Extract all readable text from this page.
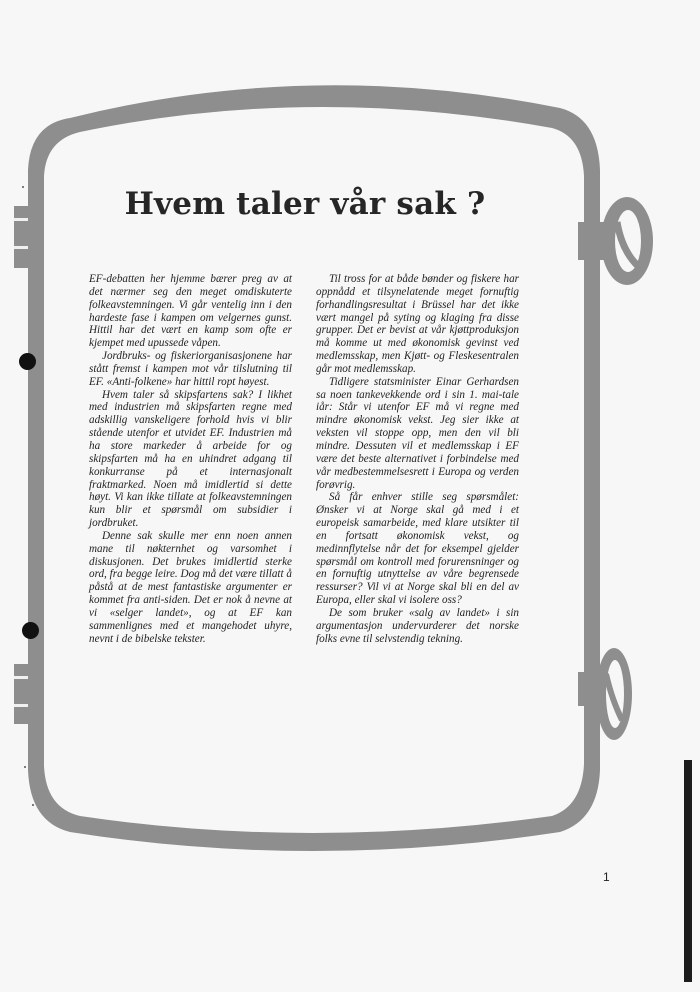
Hvem taler vår sak ?

EF-debatten her hjemme bærer preg av at det nærmer seg den meget omdiskuterte folkeavstemningen. Vi går ventelig inn i den hardeste fase i kampen om velgernes gunst. Hittil har det vært en kamp som ofte er kjempet med upussede våpen.

Jordbruks- og fiskeriorganisasjonene har stått fremst i kampen mot vår tilslutning til EF. «Anti-folkene» har hittil ropt høyest.

Hvem taler så skipsfartens sak? I likhet med industrien må skipsfarten regne med adskillig vanskeligere forhold hvis vi blir stående utenfor et utvidet EF. Industrien må ha store markeder å arbeide for og skipsfarten må ha en uhindret adgang til konkurranse på et internasjonalt fraktmarked. Noen må imidlertid si dette høyt. Vi kan ikke tillate at folkeavstemningen kun blir et spørsmål om subsidier i jordbruket.

Denne sak skulle mer enn noen annen mane til nøkternhet og varsomhet i diskusjonen. Det brukes imidlertid sterke ord, fra begge leire. Dog må det være tillatt å påstå at de mest fantastiske argumenter er kommet fra anti-siden. Det er nok å nevne at vi «selger landet», og at EF kan sammenlignes med et mangehodet uhyre, nevnt i de bibelske tekster.

Til tross for at både bønder og fiskere har oppnådd et tilsynelatende meget fornuftig forhandlingsresultat i Brüssel har det ikke vært mangel på syting og klaging fra disse grupper. Det er bevist at vår kjøttproduksjon må komme ut med økonomisk gevinst ved medlemsskap, men Kjøtt- og Fleskesentralen går mot medlemsskap.

Tidligere statsminister Einar Gerhardsen sa noen tankevekkende ord i sin 1. mai-tale iår: Står vi utenfor EF må vi regne med mindre økonomisk vekst. Jeg sier ikke at veksten vil stoppe opp, men den vil bli mindre. Dessuten vil et medlemsskap i EF være det beste alternativet i forbindelse med vår medbestemmelsesrett i Europa og verden forøvrig.

Så får enhver stille seg spørsmålet: Ønsker vi at Norge skal gå med i et europeisk samarbeide, med klare utsikter til en fortsatt økonomisk vekst, og medinnflytelse når det for eksempel gjelder spørsmål om kontroll med forurensninger og en fornuftig utnyttelse av våre begrensede ressurser? Vil vi at Norge skal bli en del av Europa, eller skal vi isolere oss?

De som bruker «salg av landet» i sin argumentasjon undervurderer det norske folks evne til selvstendig tekning.

1
